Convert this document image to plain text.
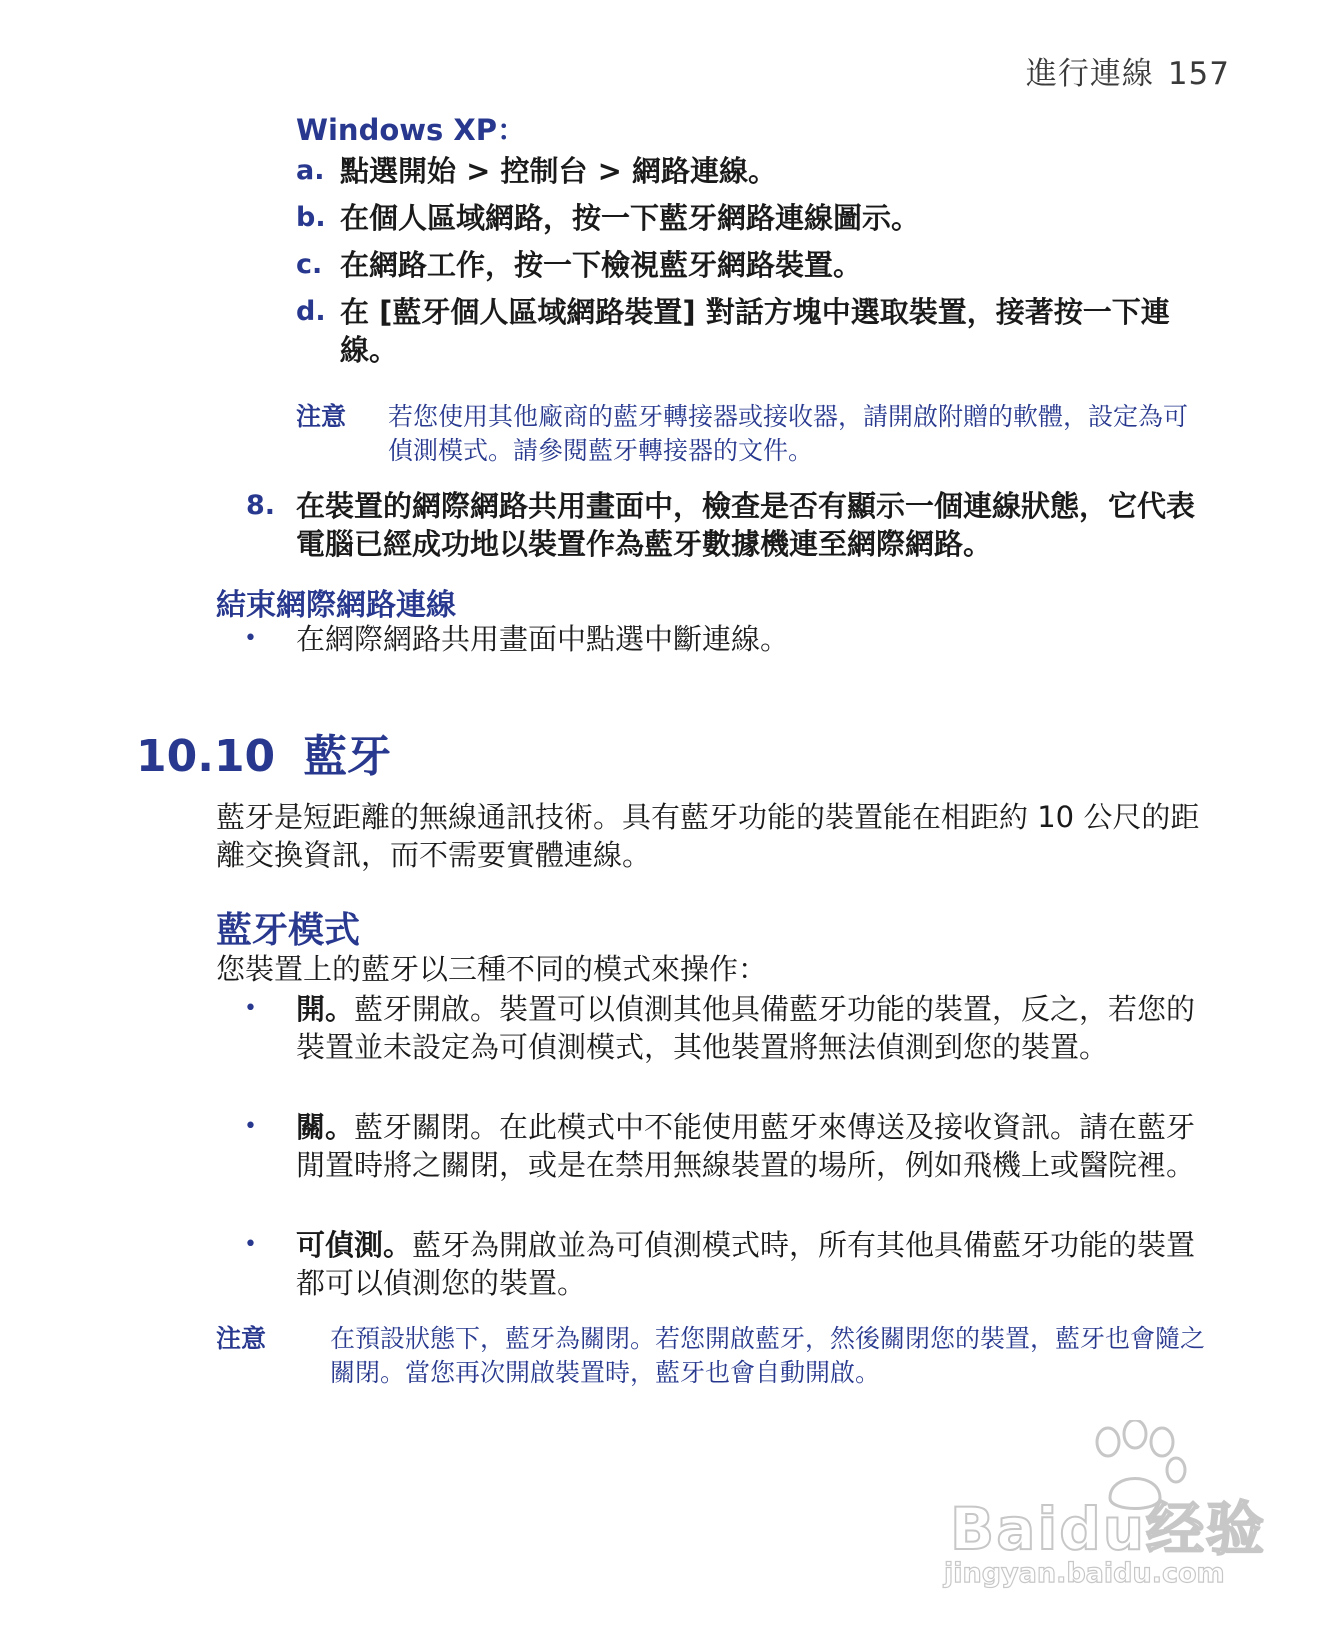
進行連線 157
Windows XP：
a. 點選開始 > 控制台 > 網路連線。
b. 在個人區域網路，按一下藍牙網路連線圖示。
c. 在網路工作，按一下檢視藍牙網路裝置。
d. 在 [藍牙個人區域網路裝置] 對話方塊中選取裝置，接著按一下連線。
注意	若您使用其他廠商的藍牙轉接器或接收器，請開啟附贈的軟體，設定為可偵測模式。請參閱藍牙轉接器的文件。
8. 在裝置的網際網路共用畫面中，檢查是否有顯示一個連線狀態，它代表電腦已經成功地以裝置作為藍牙數據機連至網際網路。
結束網際網路連線
•	在網際網路共用畫面中點選中斷連線。
10.10 藍牙
藍牙是短距離的無線通訊技術。具有藍牙功能的裝置能在相距約 10 公尺的距離交換資訊，而不需要實體連線。
藍牙模式
您裝置上的藍牙以三種不同的模式來操作：
•	開。藍牙開啟。裝置可以偵測其他具備藍牙功能的裝置，反之，若您的裝置並未設定為可偵測模式，其他裝置將無法偵測到您的裝置。
•	關。藍牙關閉。在此模式中不能使用藍牙來傳送及接收資訊。請在藍牙閒置時將之關閉，或是在禁用無線裝置的場所，例如飛機上或醫院裡。
•	可偵測。藍牙為開啟並為可偵測模式時，所有其他具備藍牙功能的裝置都可以偵測您的裝置。
注意	在預設狀態下，藍牙為關閉。若您開啟藍牙，然後關閉您的裝置，藍牙也會隨之關閉。當您再次開啟裝置時，藍牙也會自動開啟。
Baidu经验
jingyan.baidu.com
